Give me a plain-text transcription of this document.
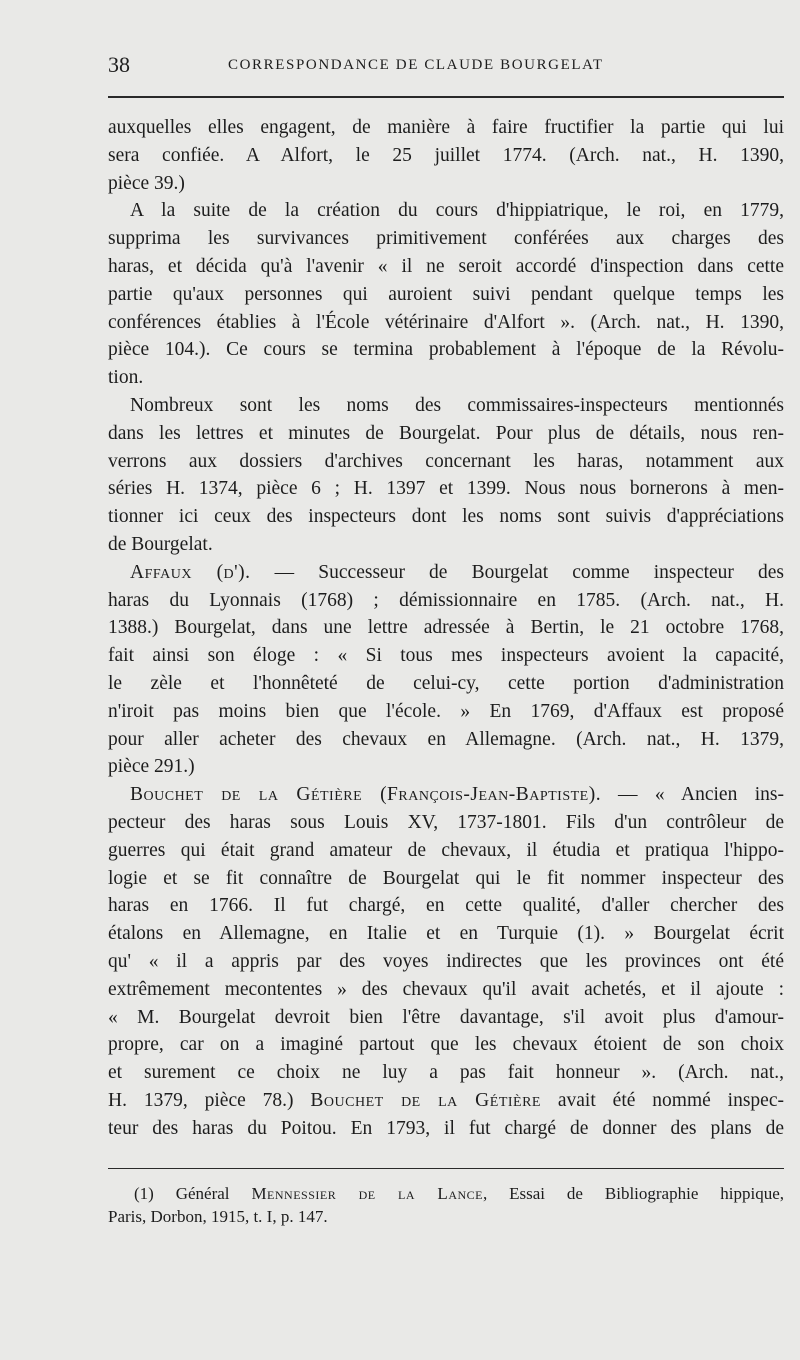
38	CORRESPONDANCE DE CLAUDE BOURGELAT
auxquelles elles engagent, de manière à faire fructifier la partie qui lui
sera confiée. A Alfort, le 25 juillet 1774. (Arch. nat., H. 1390,
pièce 39.)
A la suite de la création du cours d'hippiatrique, le roi, en 1779,
supprima les survivances primitivement conférées aux charges des
haras, et décida qu'à l'avenir « il ne seroit accordé d'inspection dans cette
partie qu'aux personnes qui auroient suivi pendant quelque temps les
conférences établies à l'École vétérinaire d'Alfort ». (Arch. nat., H. 1390,
pièce 104.). Ce cours se termina probablement à l'époque de la Révolu-
tion.
Nombreux sont les noms des commissaires-inspecteurs mentionnés
dans les lettres et minutes de Bourgelat. Pour plus de détails, nous ren-
verrons aux dossiers d'archives concernant les haras, notamment aux
séries H. 1374, pièce 6 ; H. 1397 et 1399. Nous nous bornerons à men-
tionner ici ceux des inspecteurs dont les noms sont suivis d'appréciations
de Bourgelat.
Affaux (d'). — Successeur de Bourgelat comme inspecteur des
haras du Lyonnais (1768) ; démissionnaire en 1785. (Arch. nat., H.
1388.) Bourgelat, dans une lettre adressée à Bertin, le 21 octobre 1768,
fait ainsi son éloge : « Si tous mes inspecteurs avoient la capacité,
le zèle et l'honnêteté de celui-cy, cette portion d'administration
n'iroit pas moins bien que l'école. » En 1769, d'Affaux est proposé
pour aller acheter des chevaux en Allemagne. (Arch. nat., H. 1379,
pièce 291.)
Bouchet de la Gétière (François-Jean-Baptiste). — « Ancien ins-
pecteur des haras sous Louis XV, 1737-1801. Fils d'un contrôleur de
guerres qui était grand amateur de chevaux, il étudia et pratiqua l'hippo-
logie et se fit connaître de Bourgelat qui le fit nommer inspecteur des
haras en 1766. Il fut chargé, en cette qualité, d'aller chercher des
étalons en Allemagne, en Italie et en Turquie (1). » Bourgelat écrit
qu' « il a appris par des voyes indirectes que les provinces ont été
extrêmement mecontentes » des chevaux qu'il avait achetés, et il ajoute :
« M. Bourgelat devroit bien l'être davantage, s'il avoit plus d'amour-
propre, car on a imaginé partout que les chevaux étoient de son choix
et surement ce choix ne luy a pas fait honneur ». (Arch. nat.,
H. 1379, pièce 78.) Bouchet de la Gétière avait été nommé inspec-
teur des haras du Poitou. En 1793, il fut chargé de donner des plans de
(1) Général Mennessier de la Lance, Essai de Bibliographie hippique,
Paris, Dorbon, 1915, t. I, p. 147.
